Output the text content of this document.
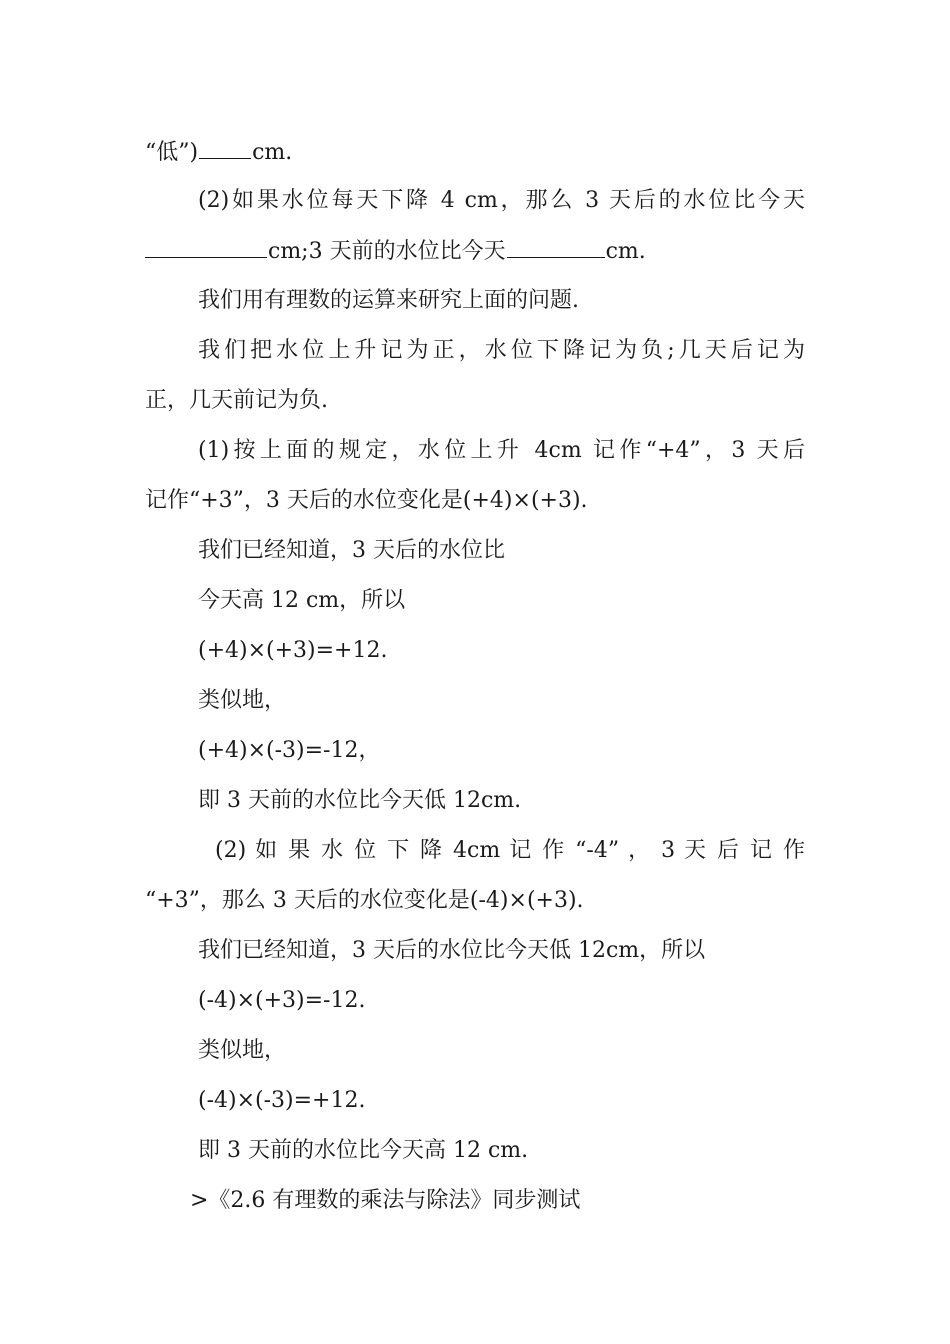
“低”) cm.
(2)如果水位每天下降 4 cm，那么 3 天后的水位比今天
cm;3 天前的水位比今天	cm.
我们用有理数的运算来研究上面的问题.
我们把水位上升记为正，水位下降记为负;几天后记为
正，几天前记为负.
(1)按上面的规定，水位上升 4cm 记作“+4”，3 天后
记作“+3”，3 天后的水位变化是(+4)×(+3).
我们已经知道，3 天后的水位比
今天高 12 cm，所以
(+4)×(+3)=+12.
类似地，
(+4)×(-3)=-12，
即 3 天前的水位比今天低 12cm.
(2) 如 果 水 位 下 降 4cm 记 作 “-4” ， 3 天 后 记 作
“+3”，那么 3 天后的水位变化是(-4)×(+3).
我们已经知道，3 天后的水位比今天低 12cm，所以
(-4)×(+3)=-12.
类似地，
(-4)×(-3)=+12.
即 3 天前的水位比今天高 12 cm.
>《2.6 有理数的乘法与除法》同步测试
